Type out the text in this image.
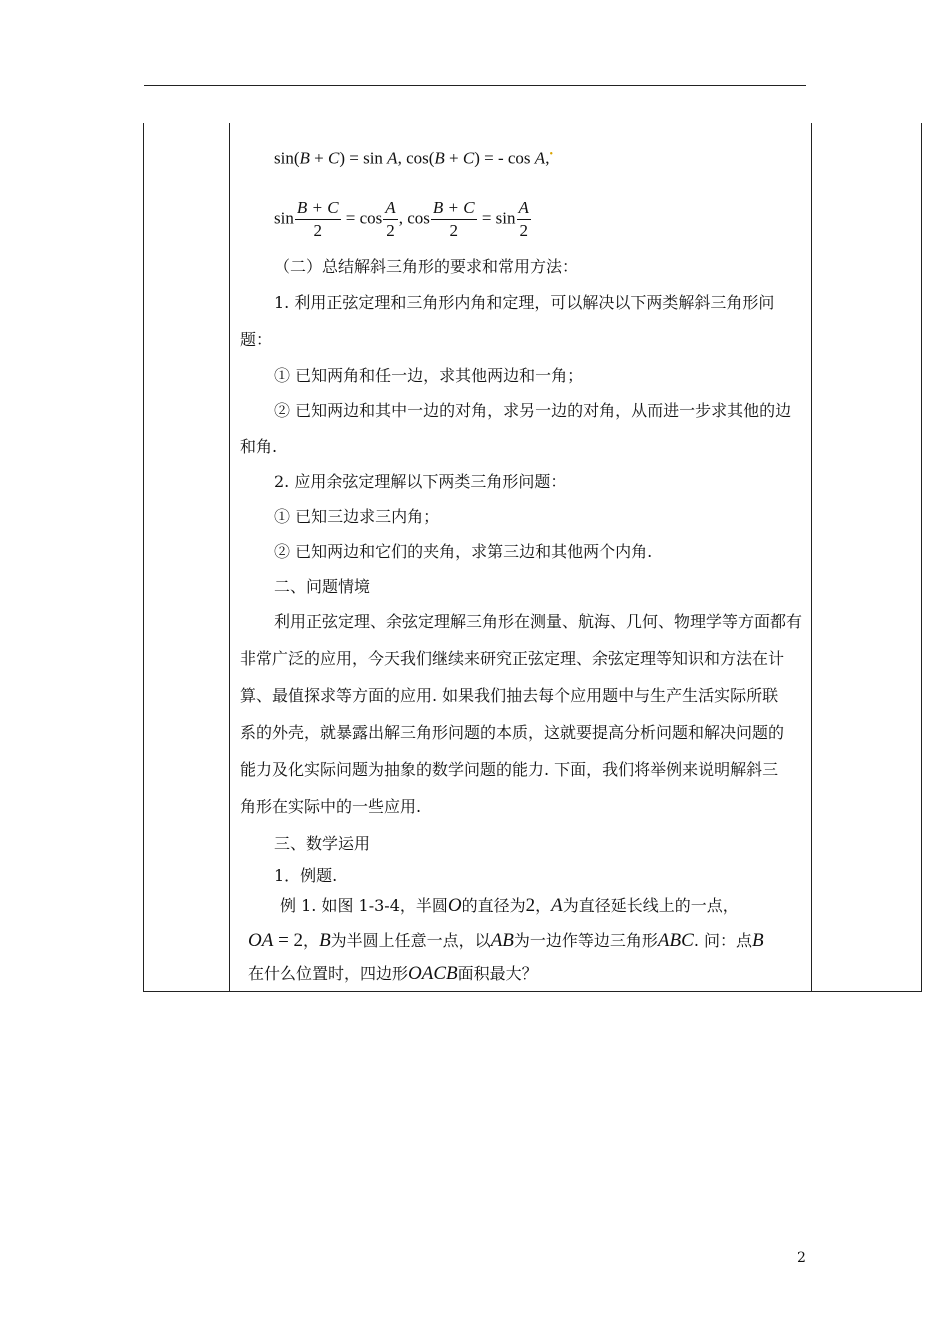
sin(B + C) = sin A, cos(B + C) = - cos A,•
$\sin \frac{B + C}{2} = \cos \frac{A}{2}$ , $\cos \frac{B + C}{2} = \sin \frac{A}{2}$
（二）总结解斜三角形的要求和常用方法：
1. 利用正弦定理和三角形内角和定理，可以解决以下两类解斜三角形问
题：
① 已知两角和任一边，求其他两边和一角；
② 已知两边和其中一边的对角，求另一边的对角，从而进一步求其他的边
和角.
2. 应用余弦定理解以下两类三角形问题：
① 已知三边求三内角；
② 已知两边和它们的夹角，求第三边和其他两个内角.
二、问题情境
利用正弦定理、余弦定理解三角形在测量、航海、几何、物理学等方面都有
非常广泛的应用，今天我们继续来研究正弦定理、余弦定理等知识和方法在计
算、最值探求等方面的应用. 如果我们抽去每个应用题中与生产生活实际所联
系的外壳，就暴露出解三角形问题的本质，这就要提高分析问题和解决问题的
能力及化实际问题为抽象的数学问题的能力. 下面，我们将举例来说明解斜三
角形在实际中的一些应用.
三、数学运用
1．例题.
例 1. 如图 1-3-4，半圆O的直径为2，A为直径延长线上的一点，
OA = 2，B为半圆上任意一点，以AB为一边作等边三角形ABC. 问：点B
在什么位置时，四边形OACB面积最大？
2
